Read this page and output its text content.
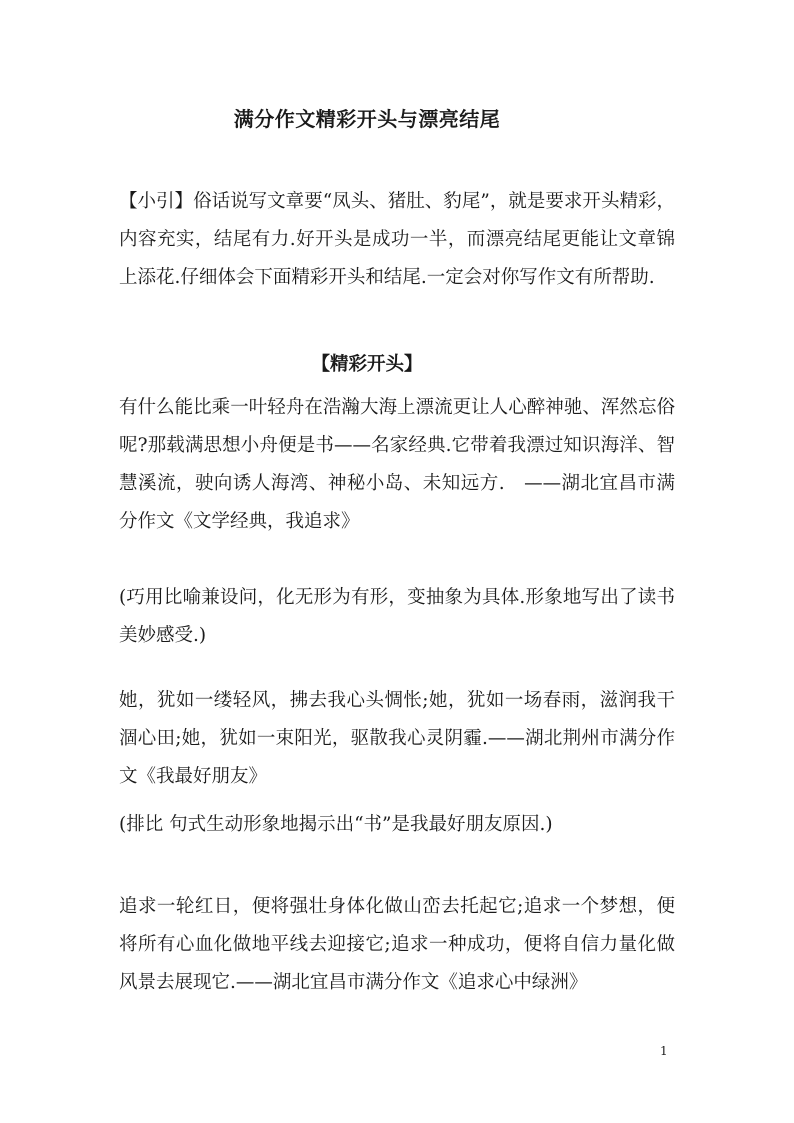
满分作文精彩开头与漂亮结尾

【小引】俗话说写文章要“凤头、猪肚、豹尾”，就是要求开头精彩，内容充实，结尾有力.好开头是成功一半，而漂亮结尾更能让文章锦上添花.仔细体会下面精彩开头和结尾.一定会对你写作文有所帮助.

【精彩开头】

有什么能比乘一叶轻舟在浩瀚大海上漂流更让人心醉神驰、浑然忘俗呢?那载满思想小舟便是书——名家经典.它带着我漂过知识海洋、智慧溪流，驶向诱人海湾、神秘小岛、未知远方.　——湖北宜昌市满分作文《文学经典，我追求》

(巧用比喻兼设问，化无形为有形，变抽象为具体.形象地写出了读书美妙感受.)

她，犹如一缕轻风，拂去我心头惆怅;她，犹如一场春雨，滋润我干涸心田;她，犹如一束阳光，驱散我心灵阴霾.——湖北荆州市满分作文《我最好朋友》

(排比 句式生动形象地揭示出“书”是我最好朋友原因.)

追求一轮红日，便将强壮身体化做山峦去托起它;追求一个梦想，便将所有心血化做地平线去迎接它;追求一种成功，便将自信力量化做风景去展现它.——湖北宜昌市满分作文《追求心中绿洲》

1
